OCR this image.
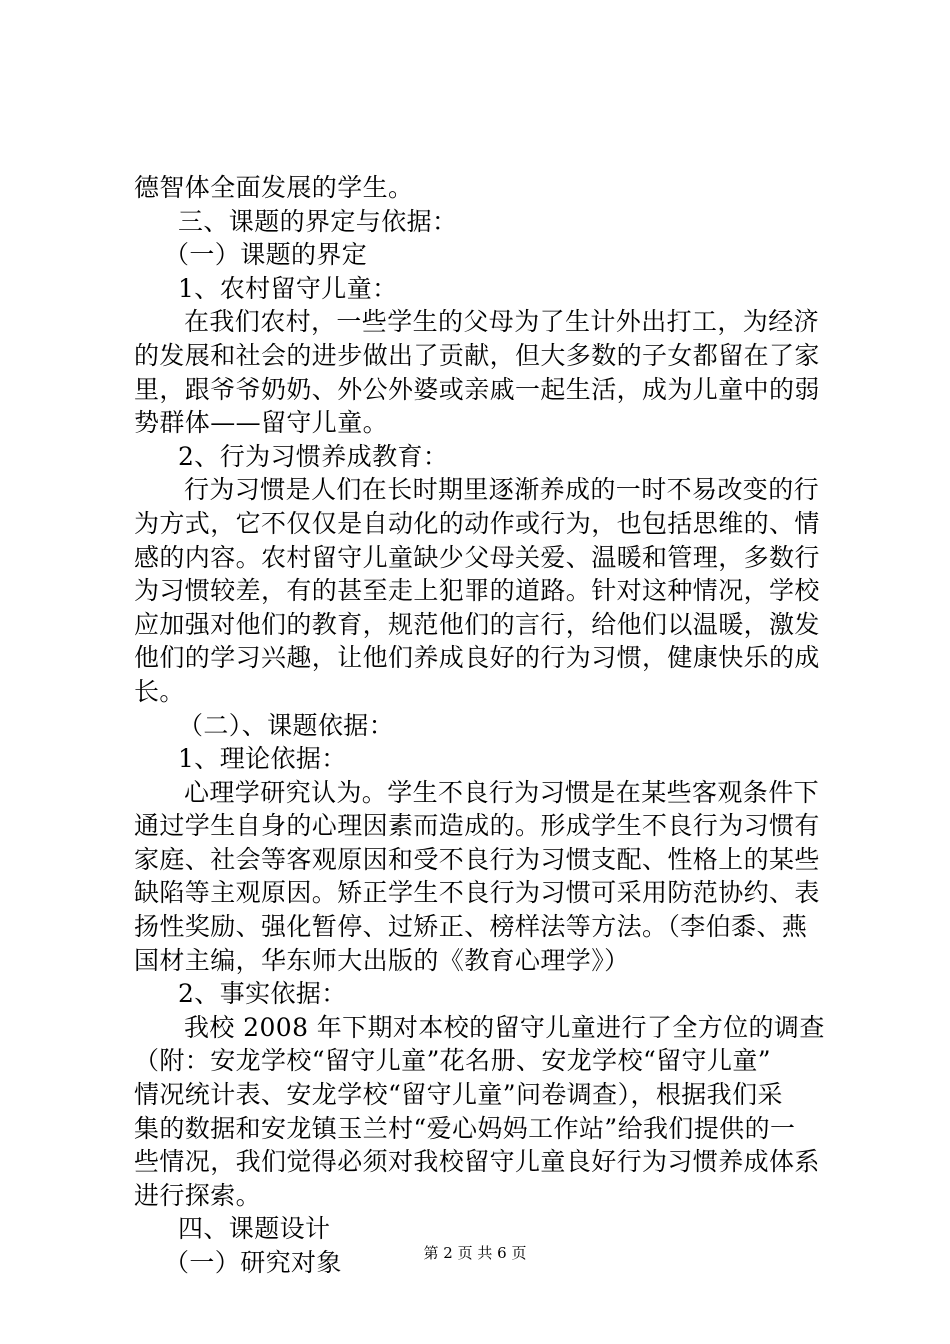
德智体全面发展的学生。
三、课题的界定与依据：
（一）课题的界定
1、农村留守儿童：
在我们农村，一些学生的父母为了生计外出打工，为经济
的发展和社会的进步做出了贡献，但大多数的子女都留在了家
里，跟爷爷奶奶、外公外婆或亲戚一起生活，成为儿童中的弱
势群体——留守儿童。
2、行为习惯养成教育：
行为习惯是人们在长时期里逐渐养成的一时不易改变的行
为方式，它不仅仅是自动化的动作或行为，也包括思维的、情
感的内容。农村留守儿童缺少父母关爱、温暖和管理，多数行
为习惯较差，有的甚至走上犯罪的道路。针对这种情况，学校
应加强对他们的教育，规范他们的言行，给他们以温暖，激发
他们的学习兴趣，让他们养成良好的行为习惯，健康快乐的成
长。
（二）、课题依据：
1、理论依据：
心理学研究认为。学生不良行为习惯是在某些客观条件下
通过学生自身的心理因素而造成的。形成学生不良行为习惯有
家庭、社会等客观原因和受不良行为习惯支配、性格上的某些
缺陷等主观原因。矫正学生不良行为习惯可采用防范协约、表
扬性奖励、强化暂停、过矫正、榜样法等方法。（李伯黍、燕
国材主编，华东师大出版的《教育心理学》）
2、事实依据：
我校 2008 年下期对本校的留守儿童进行了全方位的调查
（附：安龙学校“留守儿童”花名册、安龙学校“留守儿童”
情况统计表、安龙学校“留守儿童”问卷调查），根据我们采
集的数据和安龙镇玉兰村“爱心妈妈工作站”给我们提供的一
些情况，我们觉得必须对我校留守儿童良好行为习惯养成体系
进行探索。
四、课题设计
（一）研究对象	第 2 页 共 6 页
